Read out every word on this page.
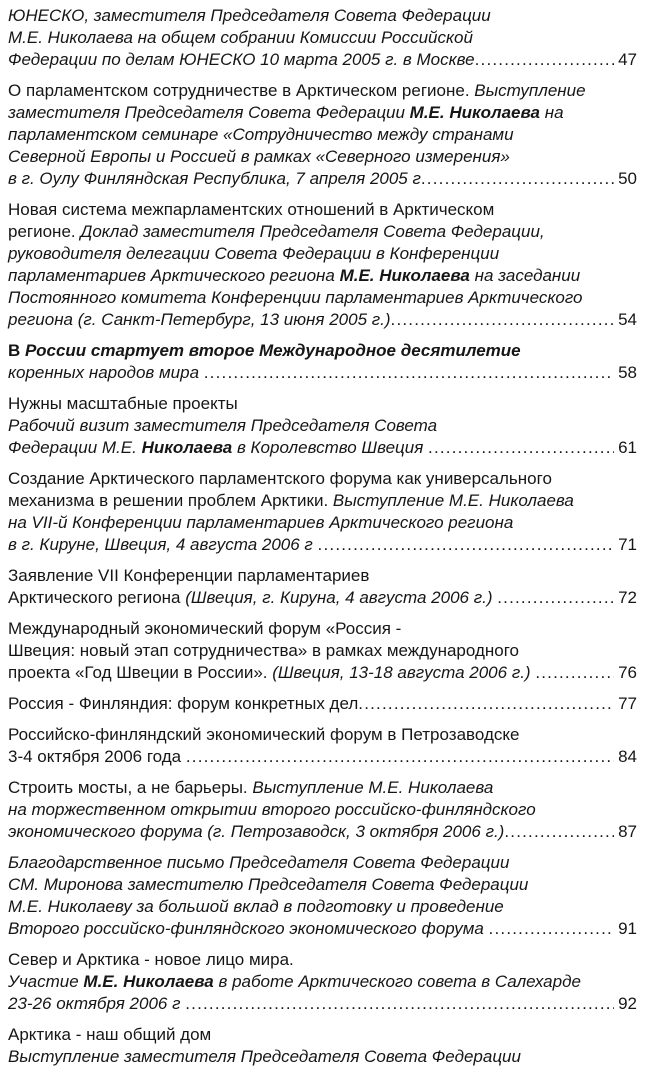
ЮНЕСКО, заместителя Председателя Совета Федерации
М.Е. Николаева на общем собрании Комиссии Российской
Федерации по делам ЮНЕСКО 10 марта 2005 г. в Москве .....	47
О парламентском сотрудничестве в Арктическом регионе. Выступление
заместителя Председателя Совета Федерации М.Е. Николаева на
парламентском семинаре «Сотрудничество между странами
Северной Европы и Россией в рамках «Северного измерения»
в г. Оулу Финляндская Республика, 7 апреля 2005 г .....	50
Новая система межпарламентских отношений в Арктическом
регионе. Доклад заместителя Председателя Совета Федерации,
руководителя делегации Совета Федерации в Конференции
парламентариев Арктического региона М.Е. Николаева на заседании
Постоянного комитета Конференции парламентариев Арктического
региона (г. Санкт-Петербург, 13 июня 2005 г.) .....	54
В России стартует второе Международное десятилетие
коренных народов мира .....	58
Нужны масштабные проекты
Рабочий визит заместителя Председателя Совета
Федерации М.Е. Николаева в Королевство Швеция .....	61
Создание Арктического парламентского форума как универсального
механизма в решении проблем Арктики. Выступление М.Е. Николаева
на VII-й Конференции парламентариев Арктического региона
в г. Кируне, Швеция, 4 августа 2006 г .....	71
Заявление VII Конференции парламентариев
Арктического региона (Швеция, г. Кируна, 4 августа 2006 г.) .....	72
Международный экономический форум «Россия -
Швеция: новый этап сотрудничества» в рамках международного
проекта «Год Швеции в России». (Швеция, 13-18 августа 2006 г.) .....	76
Россия - Финляндия: форум конкретных дел .....	77
Российско-финляндский экономический форум в Петрозаводске
3-4 октября 2006 года .....	84
Строить мосты, а не барьеры. Выступление М.Е. Николаева
на торжественном открытии второго российско-финляндского
экономического форума (г. Петрозаводск, 3 октября 2006 г.) .....	87
Благодарственное письмо Председателя Совета Федерации
СМ. Миронова заместителю Председателя Совета Федерации
М.Е. Николаеву за большой вклад в подготовку и проведение
Второго российско-финляндского экономического форума .....	91
Север и Арктика - новое лицо мира.
Участие М.Е. Николаева в работе Арктического совета в Салехарде
23-26 октября 2006 г .....	92
Арктика - наш общий дом
Выступление заместителя Председателя Совета Федерации
